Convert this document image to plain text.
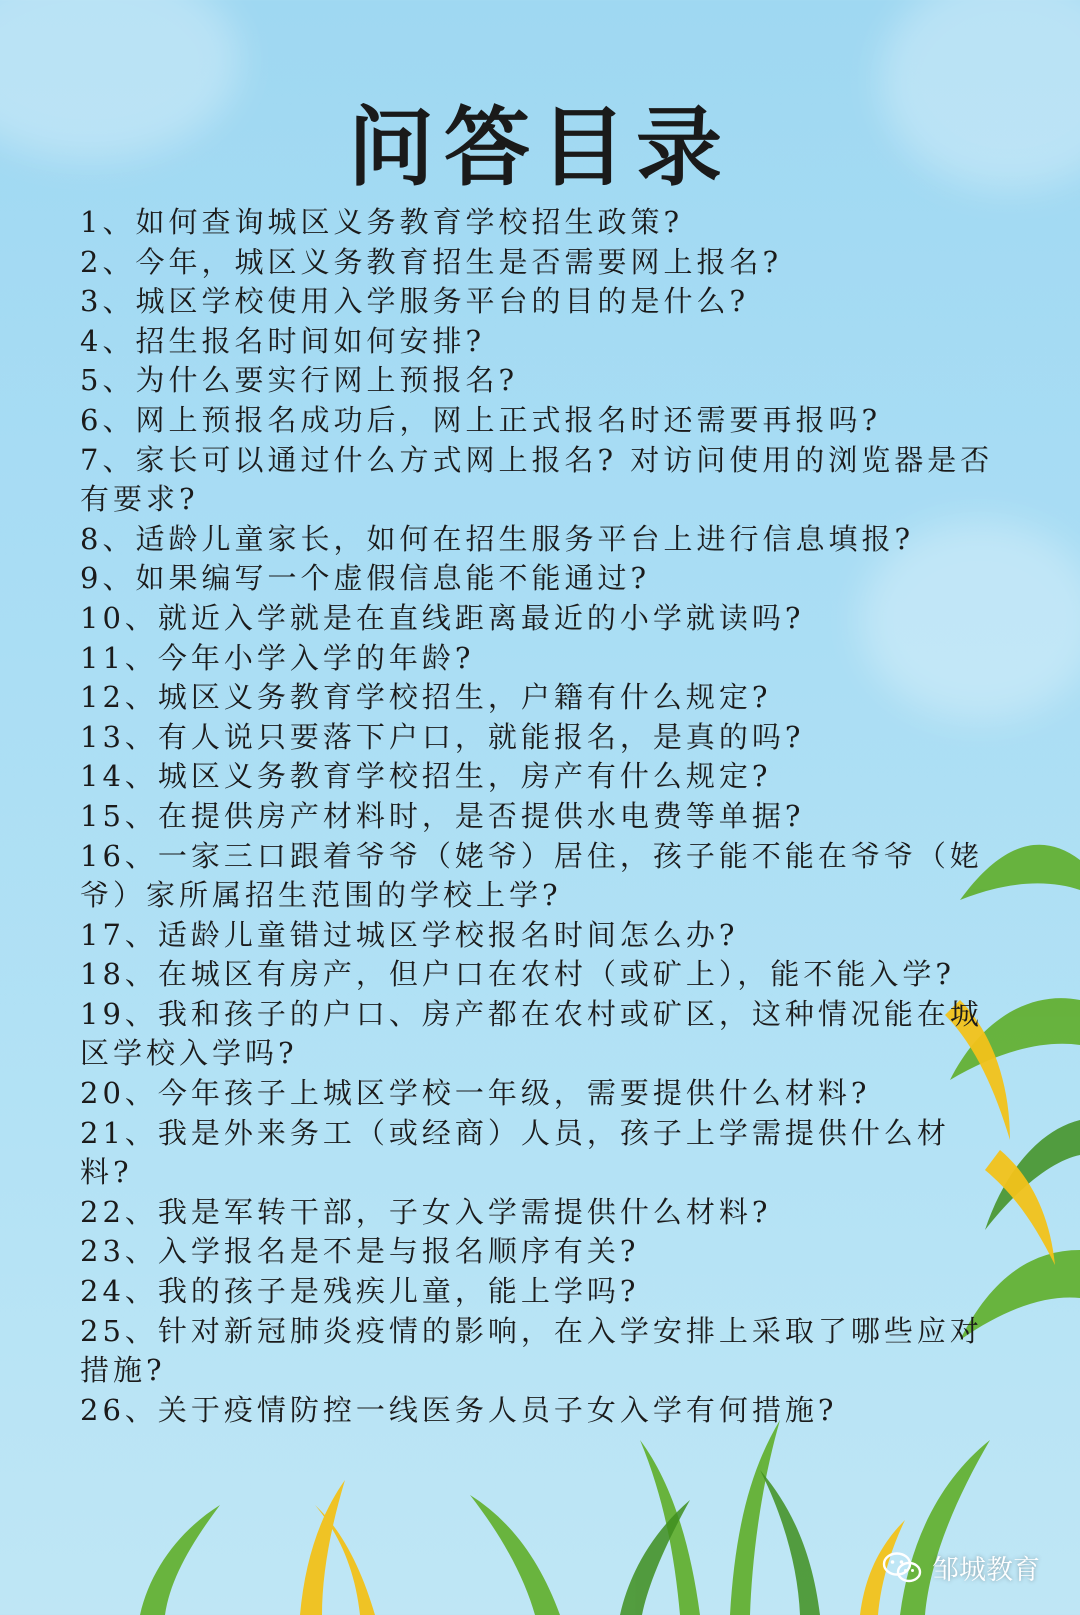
问答目录
1、如何查询城区义务教育学校招生政策?
2、今年，城区义务教育招生是否需要网上报名?
3、城区学校使用入学服务平台的目的是什么?
4、招生报名时间如何安排?
5、为什么要实行网上预报名?
6、网上预报名成功后，网上正式报名时还需要再报吗?
7、家长可以通过什么方式网上报名? 对访问使用的浏览器是否有要求?
8、适龄儿童家长，如何在招生服务平台上进行信息填报?
9、如果编写一个虚假信息能不能通过?
10、就近入学就是在直线距离最近的小学就读吗?
11、今年小学入学的年龄?
12、城区义务教育学校招生，户籍有什么规定?
13、有人说只要落下户口，就能报名，是真的吗?
14、城区义务教育学校招生，房产有什么规定?
15、在提供房产材料时，是否提供水电费等单据?
16、一家三口跟着爷爷（姥爷）居住，孩子能不能在爷爷（姥爷）家所属招生范围的学校上学?
17、适龄儿童错过城区学校报名时间怎么办?
18、在城区有房产，但户口在农村（或矿上），能不能入学?
19、我和孩子的户口、房产都在农村或矿区，这种情况能在城区学校入学吗?
20、今年孩子上城区学校一年级，需要提供什么材料?
21、我是外来务工（或经商）人员，孩子上学需提供什么材料?
22、我是军转干部，子女入学需提供什么材料?
23、入学报名是不是与报名顺序有关?
24、我的孩子是残疾儿童，能上学吗?
25、针对新冠肺炎疫情的影响，在入学安排上采取了哪些应对措施?
26、关于疫情防控一线医务人员子女入学有何措施?
邹城教育
